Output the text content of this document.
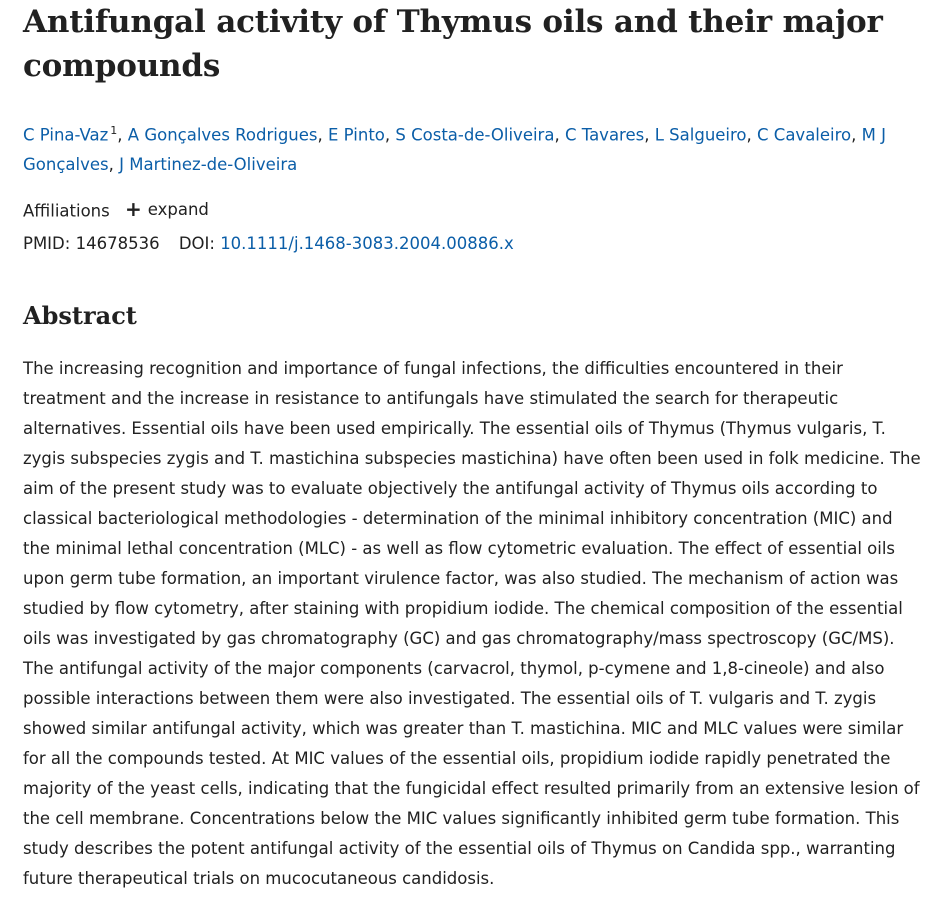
Antifungal activity of Thymus oils and their major compounds
C Pina-Vaz $^1$, A Gonçalves Rodrigues, E Pinto, S Costa-de-Oliveira, C Tavares, L Salgueiro, C Cavaleiro, M J Gonçalves, J Martinez-de-Oliveira
Affiliations + expand
PMID: 14678536 DOI: 10.1111/j.1468-3083.2004.00886.x
Abstract
The increasing recognition and importance of fungal infections, the difficulties encountered in their treatment and the increase in resistance to antifungals have stimulated the search for therapeutic alternatives. Essential oils have been used empirically. The essential oils of Thymus (Thymus vulgaris, T. zygis subspecies zygis and T. mastichina subspecies mastichina) have often been used in folk medicine. The aim of the present study was to evaluate objectively the antifungal activity of Thymus oils according to classical bacteriological methodologies - determination of the minimal inhibitory concentration (MIC) and the minimal lethal concentration (MLC) - as well as flow cytometric evaluation. The effect of essential oils upon germ tube formation, an important virulence factor, was also studied. The mechanism of action was studied by flow cytometry, after staining with propidium iodide. The chemical composition of the essential oils was investigated by gas chromatography (GC) and gas chromatography/mass spectroscopy (GC/MS). The antifungal activity of the major components (carvacrol, thymol, p-cymene and 1,8-cineole) and also possible interactions between them were also investigated. The essential oils of T. vulgaris and T. zygis showed similar antifungal activity, which was greater than T. mastichina. MIC and MLC values were similar for all the compounds tested. At MIC values of the essential oils, propidium iodide rapidly penetrated the majority of the yeast cells, indicating that the fungicidal effect resulted primarily from an extensive lesion of the cell membrane. Concentrations below the MIC values significantly inhibited germ tube formation. This study describes the potent antifungal activity of the essential oils of Thymus on Candida spp., warranting future therapeutical trials on mucocutaneous candidosis.
